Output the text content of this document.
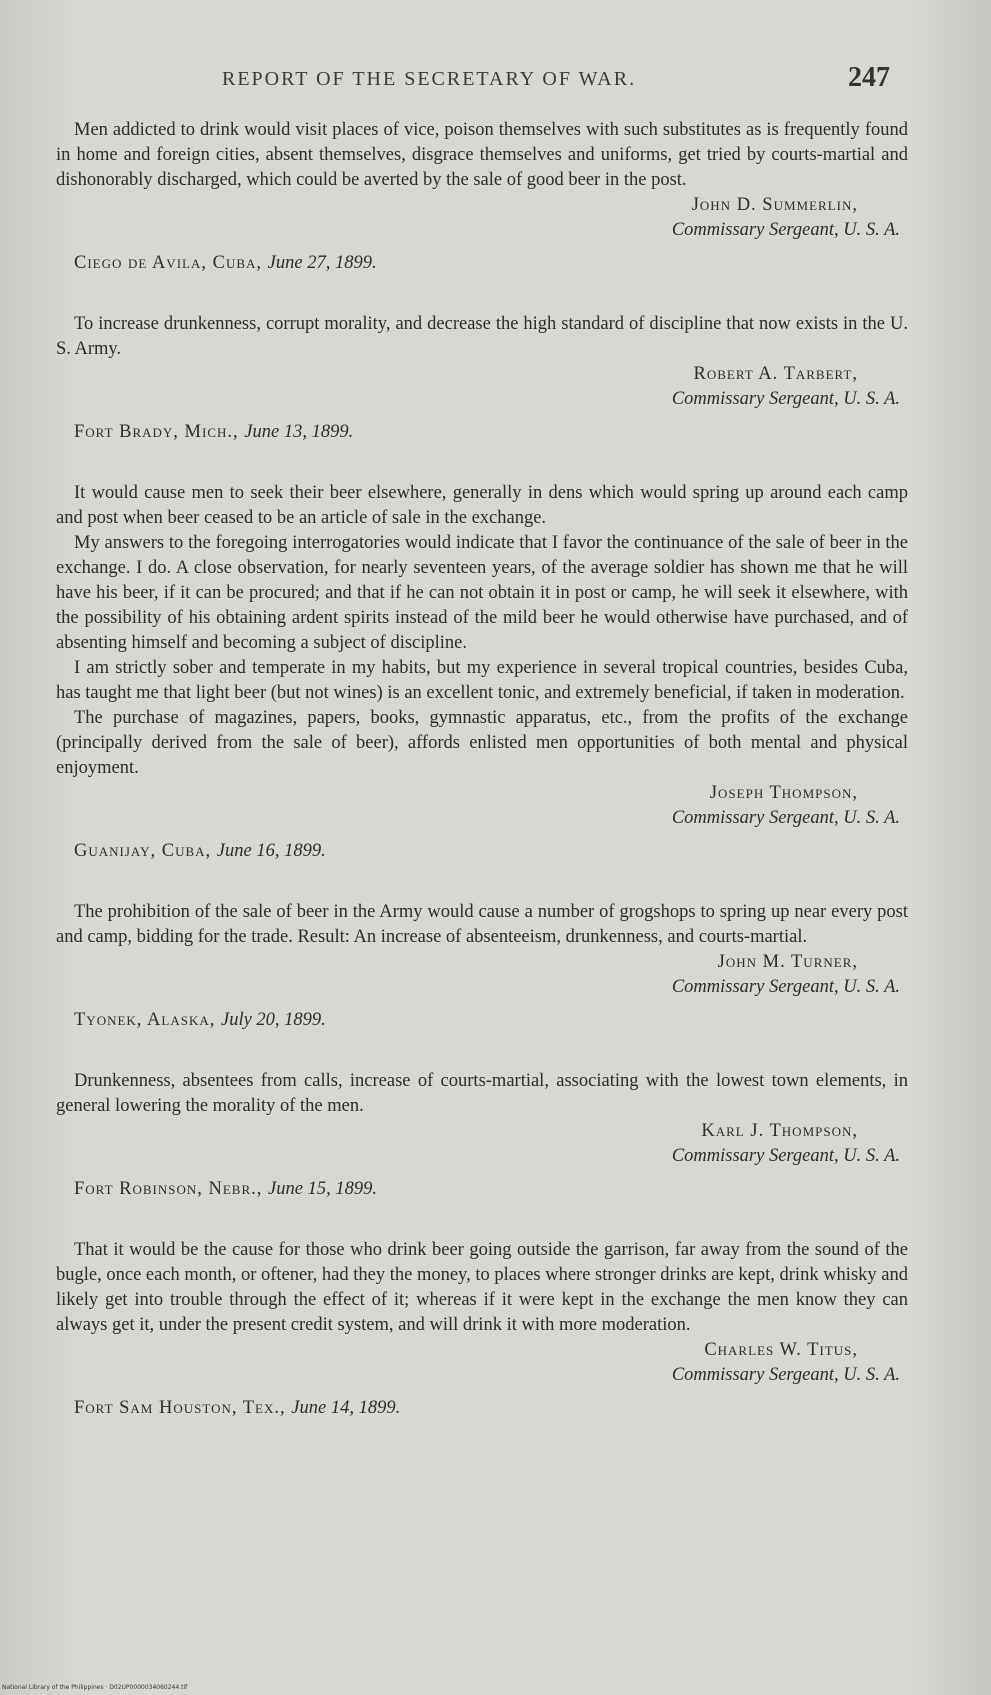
REPORT OF THE SECRETARY OF WAR.	247

Men addicted to drink would visit places of vice, poison themselves with such substitutes as is frequently found in home and foreign cities, absent themselves, disgrace themselves and uniforms, get tried by courts-martial and dishonorably discharged, which could be averted by the sale of good beer in the post.

John D. Summerlin,
Commissary Sergeant, U. S. A.
Ciego de Avila, Cuba, June 27, 1899.

To increase drunkenness, corrupt morality, and decrease the high standard of discipline that now exists in the U. S. Army.

Robert A. Tarbert,
Commissary Sergeant, U. S. A.
Fort Brady, Mich., June 13, 1899.

It would cause men to seek their beer elsewhere, generally in dens which would spring up around each camp and post when beer ceased to be an article of sale in the exchange.

My answers to the foregoing interrogatories would indicate that I favor the continuance of the sale of beer in the exchange. I do. A close observation, for nearly seventeen years, of the average soldier has shown me that he will have his beer, if it can be procured; and that if he can not obtain it in post or camp, he will seek it elsewhere, with the possibility of his obtaining ardent spirits instead of the mild beer he would otherwise have purchased, and of absenting himself and becoming a subject of discipline.

I am strictly sober and temperate in my habits, but my experience in several tropical countries, besides Cuba, has taught me that light beer (but not wines) is an excellent tonic, and extremely beneficial, if taken in moderation.

The purchase of magazines, papers, books, gymnastic apparatus, etc., from the profits of the exchange (principally derived from the sale of beer), affords enlisted men opportunities of both mental and physical enjoyment.

Joseph Thompson,
Commissary Sergeant, U. S. A.
Guanijay, Cuba, June 16, 1899.

The prohibition of the sale of beer in the Army would cause a number of grogshops to spring up near every post and camp, bidding for the trade. Result: An increase of absenteeism, drunkenness, and courts-martial.

John M. Turner,
Commissary Sergeant, U. S. A.
Tyonek, Alaska, July 20, 1899.

Drunkenness, absentees from calls, increase of courts-martial, associating with the lowest town elements, in general lowering the morality of the men.

Karl J. Thompson,
Commissary Sergeant, U. S. A.
Fort Robinson, Nebr., June 15, 1899.

That it would be the cause for those who drink beer going outside the garrison, far away from the sound of the bugle, once each month, or oftener, had they the money, to places where stronger drinks are kept, drink whisky and likely get into trouble through the effect of it; whereas if it were kept in the exchange the men know they can always get it, under the present credit system, and will drink it with more moderation.

Charles W. Titus,
Commissary Sergeant, U. S. A.
Fort Sam Houston, Tex., June 14, 1899.
National Library of the Philippines · D02UP0000034060244.tif
